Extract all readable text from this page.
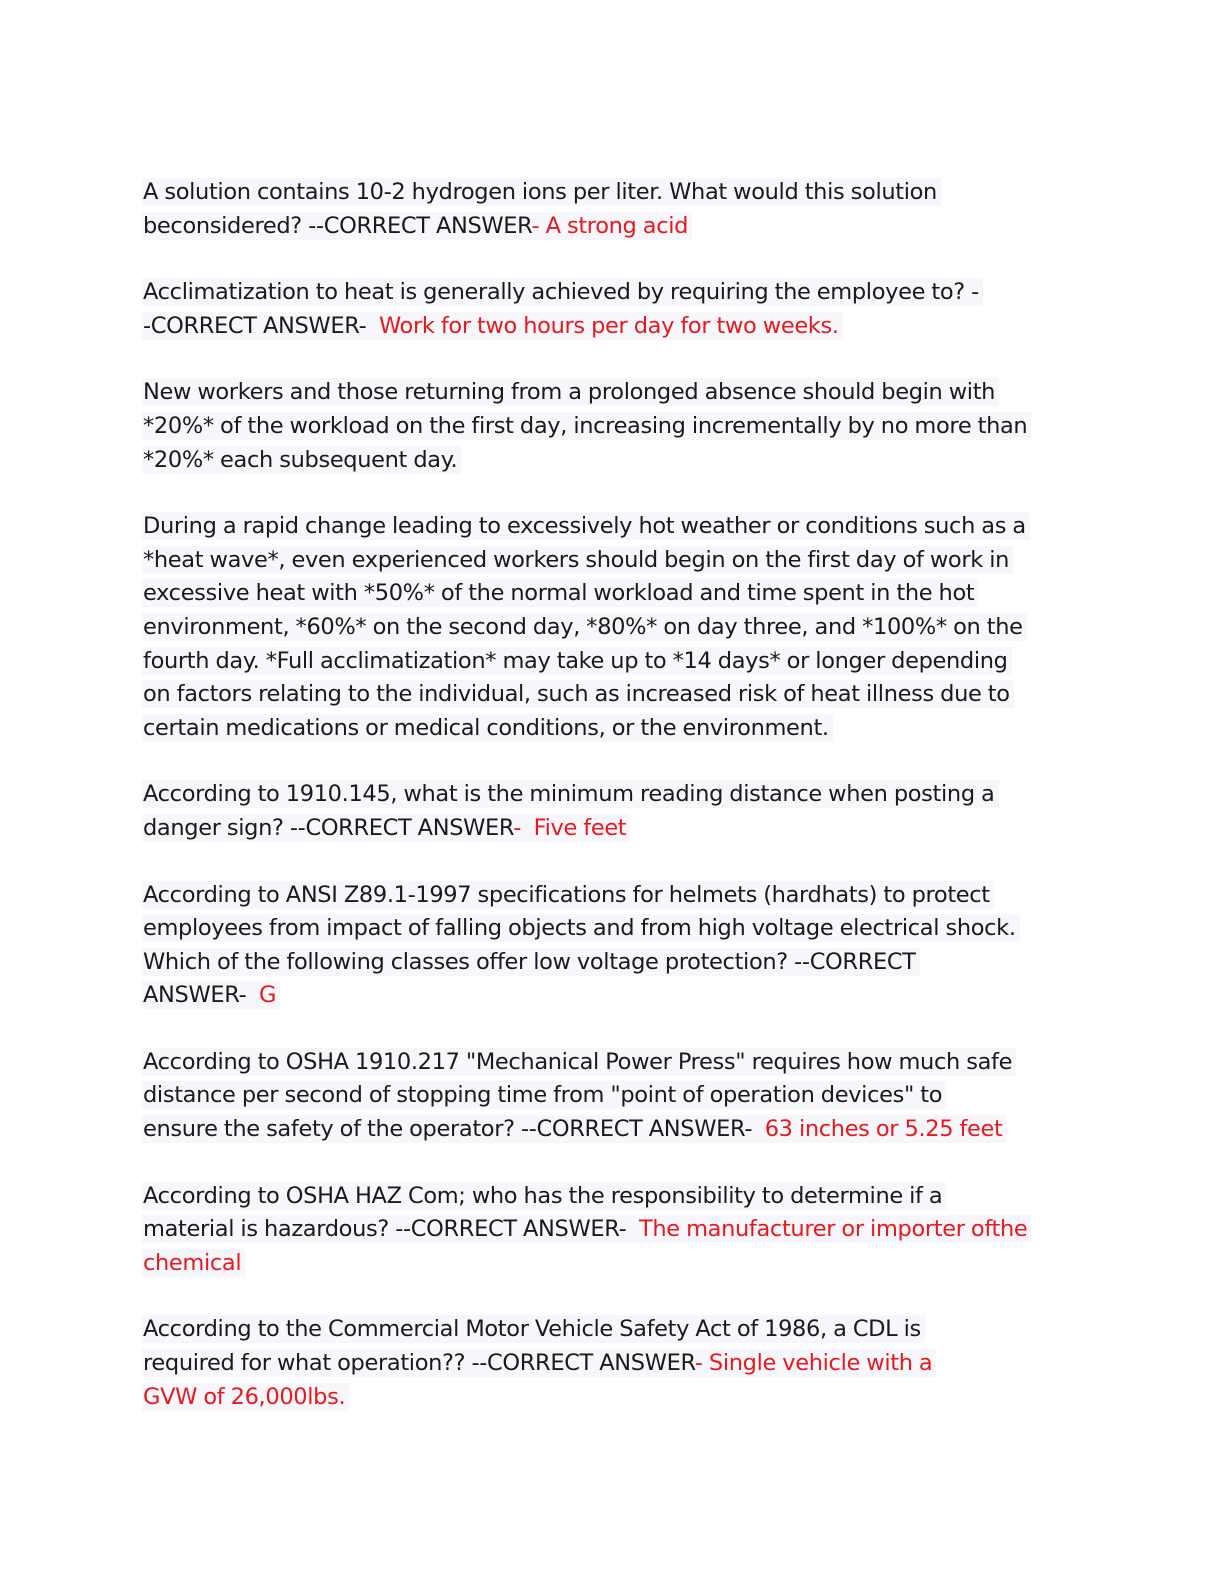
A solution contains 10-2 hydrogen ions per liter. What would this solution
beconsidered? --CORRECT ANSWER- A strong acid
Acclimatization to heat is generally achieved by requiring the employee to? -
-CORRECT ANSWER-  Work for two hours per day for two weeks.
New workers and those returning from a prolonged absence should begin with
*20%* of the workload on the first day, increasing incrementally by no more than
*20%* each subsequent day.
During a rapid change leading to excessively hot weather or conditions such as a
*heat wave*, even experienced workers should begin on the first day of work in
excessive heat with *50%* of the normal workload and time spent in the hot
environment, *60%* on the second day, *80%* on day three, and *100%* on the
fourth day. *Full acclimatization* may take up to *14 days* or longer depending
on factors relating to the individual, such as increased risk of heat illness due to
certain medications or medical conditions, or the environment.
According to 1910.145, what is the minimum reading distance when posting a
danger sign? --CORRECT ANSWER-  Five feet
According to ANSI Z89.1-1997 specifications for helmets (hardhats) to protect
employees from impact of falling objects and from high voltage electrical shock.
Which of the following classes offer low voltage protection? --CORRECT
ANSWER-  G
According to OSHA 1910.217 "Mechanical Power Press" requires how much safe
distance per second of stopping time from "point of operation devices" to
ensure the safety of the operator? --CORRECT ANSWER-  63 inches or 5.25 feet
According to OSHA HAZ Com; who has the responsibility to determine if a
material is hazardous? --CORRECT ANSWER-  The manufacturer or importer ofthe
chemical
According to the Commercial Motor Vehicle Safety Act of 1986, a CDL is
required for what operation?? --CORRECT ANSWER- Single vehicle with a
GVW of 26,000lbs.
